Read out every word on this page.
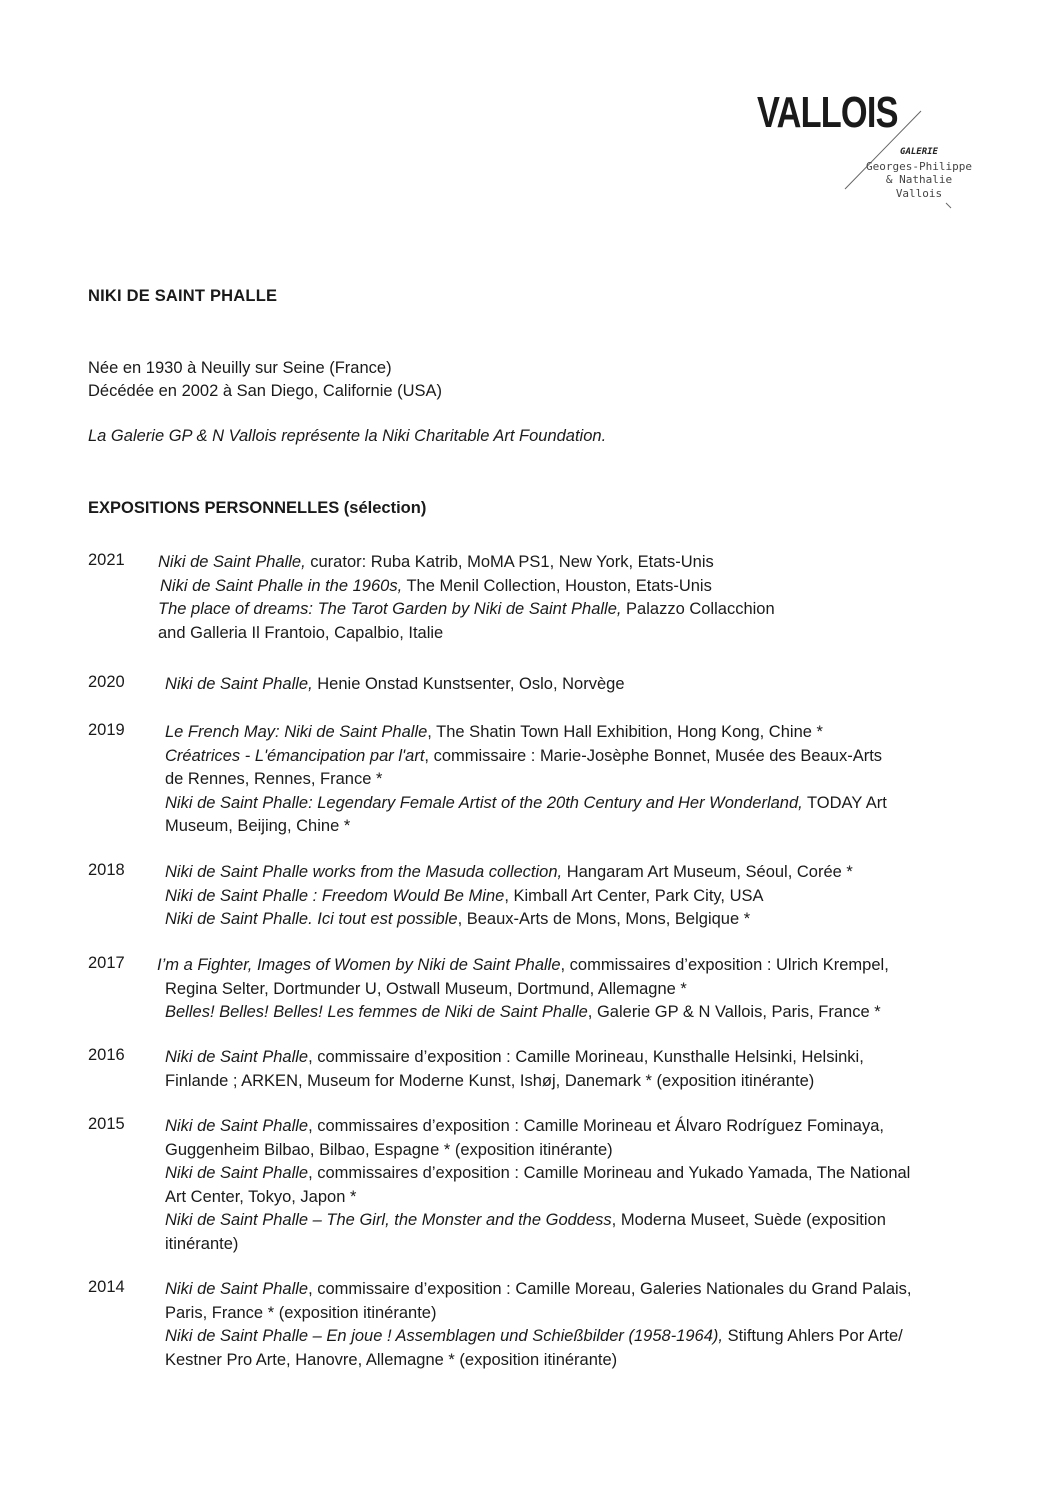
VALLOIS
GALERIE
Georges-Philippe
& Nathalie
Vallois
NIKI DE SAINT PHALLE
Née en 1930 à Neuilly sur Seine (France)
Décédée en 2002 à San Diego, Californie (USA)
La Galerie GP & N Vallois représente la Niki Charitable Art Foundation.
EXPOSITIONS PERSONNELLES (sélection)
2021 Niki de Saint Phalle, curator: Ruba Katrib, MoMA PS1, New York, Etats-Unis
Niki de Saint Phalle in the 1960s, The Menil Collection, Houston, Etats-Unis
The place of dreams: The Tarot Garden by Niki de Saint Phalle, Palazzo Collacchion
and Galleria Il Frantoio, Capalbio, Italie
2020 Niki de Saint Phalle, Henie Onstad Kunstsenter, Oslo, Norvège
2019 Le French May: Niki de Saint Phalle, The Shatin Town Hall Exhibition, Hong Kong, Chine *
Créatrices - L'émancipation par l'art, commissaire : Marie-Josèphe Bonnet, Musée des Beaux-Arts
de Rennes, Rennes, France *
Niki de Saint Phalle: Legendary Female Artist of the 20th Century and Her Wonderland, TODAY Art
Museum, Beijing, Chine *
2018 Niki de Saint Phalle works from the Masuda collection, Hangaram Art Museum, Séoul, Corée *
Niki de Saint Phalle : Freedom Would Be Mine, Kimball Art Center, Park City, USA
Niki de Saint Phalle. Ici tout est possible, Beaux-Arts de Mons, Mons, Belgique *
2017 I’m a Fighter, Images of Women by Niki de Saint Phalle, commissaires d’exposition : Ulrich Krempel,
Regina Selter, Dortmunder U, Ostwall Museum, Dortmund, Allemagne *
Belles! Belles! Belles! Les femmes de Niki de Saint Phalle, Galerie GP & N Vallois, Paris, France *
2016 Niki de Saint Phalle, commissaire d’exposition : Camille Morineau, Kunsthalle Helsinki, Helsinki,
Finlande ; ARKEN, Museum for Moderne Kunst, Ishøj, Danemark * (exposition itinérante)
2015 Niki de Saint Phalle, commissaires d’exposition : Camille Morineau et Álvaro Rodríguez Fominaya,
Guggenheim Bilbao, Bilbao, Espagne * (exposition itinérante)
Niki de Saint Phalle, commissaires d’exposition : Camille Morineau and Yukado Yamada, The National
Art Center, Tokyo, Japon *
Niki de Saint Phalle – The Girl, the Monster and the Goddess, Moderna Museet, Suède (exposition
itinérante)
2014 Niki de Saint Phalle, commissaire d’exposition : Camille Moreau, Galeries Nationales du Grand Palais,
Paris, France * (exposition itinérante)
Niki de Saint Phalle – En joue ! Assemblagen und Schießbilder (1958-1964), Stiftung Ahlers Por Arte/
Kestner Pro Arte, Hanovre, Allemagne * (exposition itinérante)
